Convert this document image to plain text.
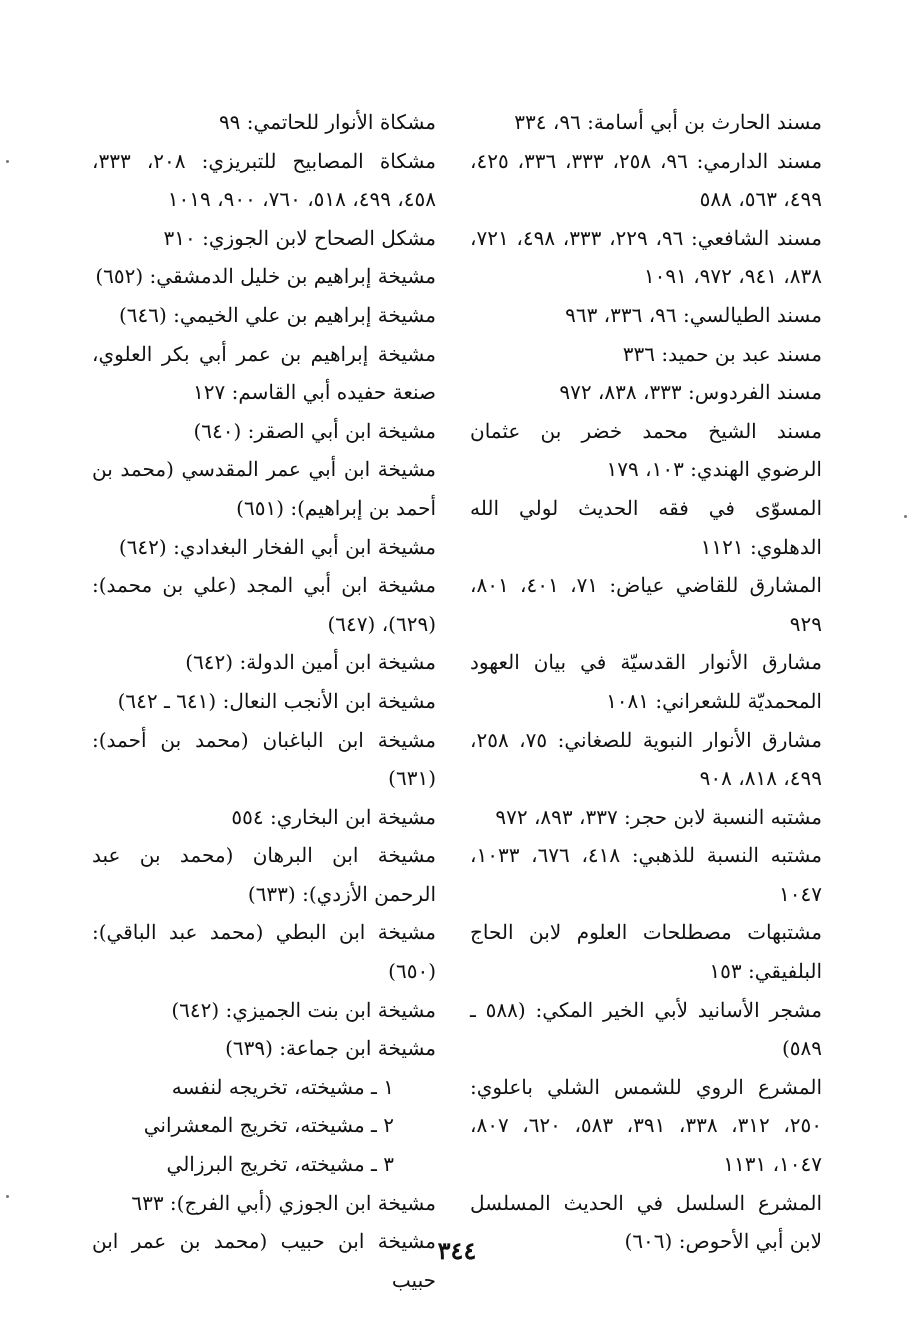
مسند الحارث بن أبي أسامة: ٩٦، ٣٣٤

مسند الدارمي: ٩٦، ٢٥٨، ٣٣٣، ٣٣٦، ٤٢٥، ٤٩٩، ٥٦٣، ٥٨٨

مسند الشافعي: ٩٦، ٢٢٩، ٣٣٣، ٤٩٨، ٧٢١، ٨٣٨، ٩٤١، ٩٧٢، ١٠٩١

مسند الطيالسي: ٩٦، ٣٣٦، ٩٦٣

مسند عبد بن حميد: ٣٣٦

مسند الفردوس: ٣٣٣، ٨٣٨، ٩٧٢

مسند الشيخ محمد خضر بن عثمان الرضوي الهندي: ١٠٣، ١٧٩

المسوّى في فقه الحديث لولي الله الدهلوي: ١١٢١

المشارق للقاضي عياض: ٧١، ٤٠١، ٨٠١، ٩٢٩

مشارق الأنوار القدسيّة في بيان العهود المحمديّة للشعراني: ١٠٨١

مشارق الأنوار النبوية للصغاني: ٧٥، ٢٥٨، ٤٩٩، ٨١٨، ٩٠٨

مشتبه النسبة لابن حجر: ٣٣٧، ٨٩٣، ٩٧٢

مشتبه النسبة للذهبي: ٤١٨، ٦٧٦، ١٠٣٣، ١٠٤٧

مشتبهات مصطلحات العلوم لابن الحاج البلفيقي: ١٥٣

مشجر الأسانيد لأبي الخير المكي: (٥٨٨ ـ ٥٨٩)

المشرع الروي للشمس الشلي باعلوي: ٢٥٠، ٣١٢، ٣٣٨، ٣٩١، ٥٨٣، ٦٢٠، ٨٠٧، ١٠٤٧، ١١٣١

المشرع السلسل في الحديث المسلسل لابن أبي الأحوص: (٦٠٦)

مشكاة الأنوار للحاتمي: ٩٩

مشكاة المصابيح للتبريزي: ٢٠٨، ٣٣٣، ٤٥٨، ٤٩٩، ٥١٨، ٧٦٠، ٩٠٠، ١٠١٩

مشكل الصحاح لابن الجوزي: ٣١٠

مشيخة إبراهيم بن خليل الدمشقي: (٦٥٢)

مشيخة إبراهيم بن علي الخيمي: (٦٤٦)

مشيخة إبراهيم بن عمر أبي بكر العلوي، صنعة حفيده أبي القاسم: ١٢٧

مشيخة ابن أبي الصقر: (٦٤٠)

مشيخة ابن أبي عمر المقدسي (محمد بن أحمد بن إبراهيم): (٦٥١)

مشيخة ابن أبي الفخار البغدادي: (٦٤٢)

مشيخة ابن أبي المجد (علي بن محمد): (٦٢٩)، (٦٤٧)

مشيخة ابن أمين الدولة: (٦٤٢)

مشيخة ابن الأنجب النعال: (٦٤١ ـ ٦٤٢)

مشيخة ابن الباغبان (محمد بن أحمد): (٦٣١)

مشيخة ابن البخاري: ٥٥٤

مشيخة ابن البرهان (محمد بن عبد الرحمن الأزدي): (٦٣٣)

مشيخة ابن البطي (محمد عبد الباقي): (٦٥٠)

مشيخة ابن بنت الجميزي: (٦٤٢)

مشيخة ابن جماعة: (٦٣٩)

١ ـ مشيخته، تخريجه لنفسه

٢ ـ مشيخته، تخريج المعشراني

٣ ـ مشيخته، تخريج البرزالي

مشيخة ابن الجوزي (أبي الفرج): ٦٣٣

مشيخة ابن حبيب (محمد بن عمر ابن حبيب

٣٤٤
